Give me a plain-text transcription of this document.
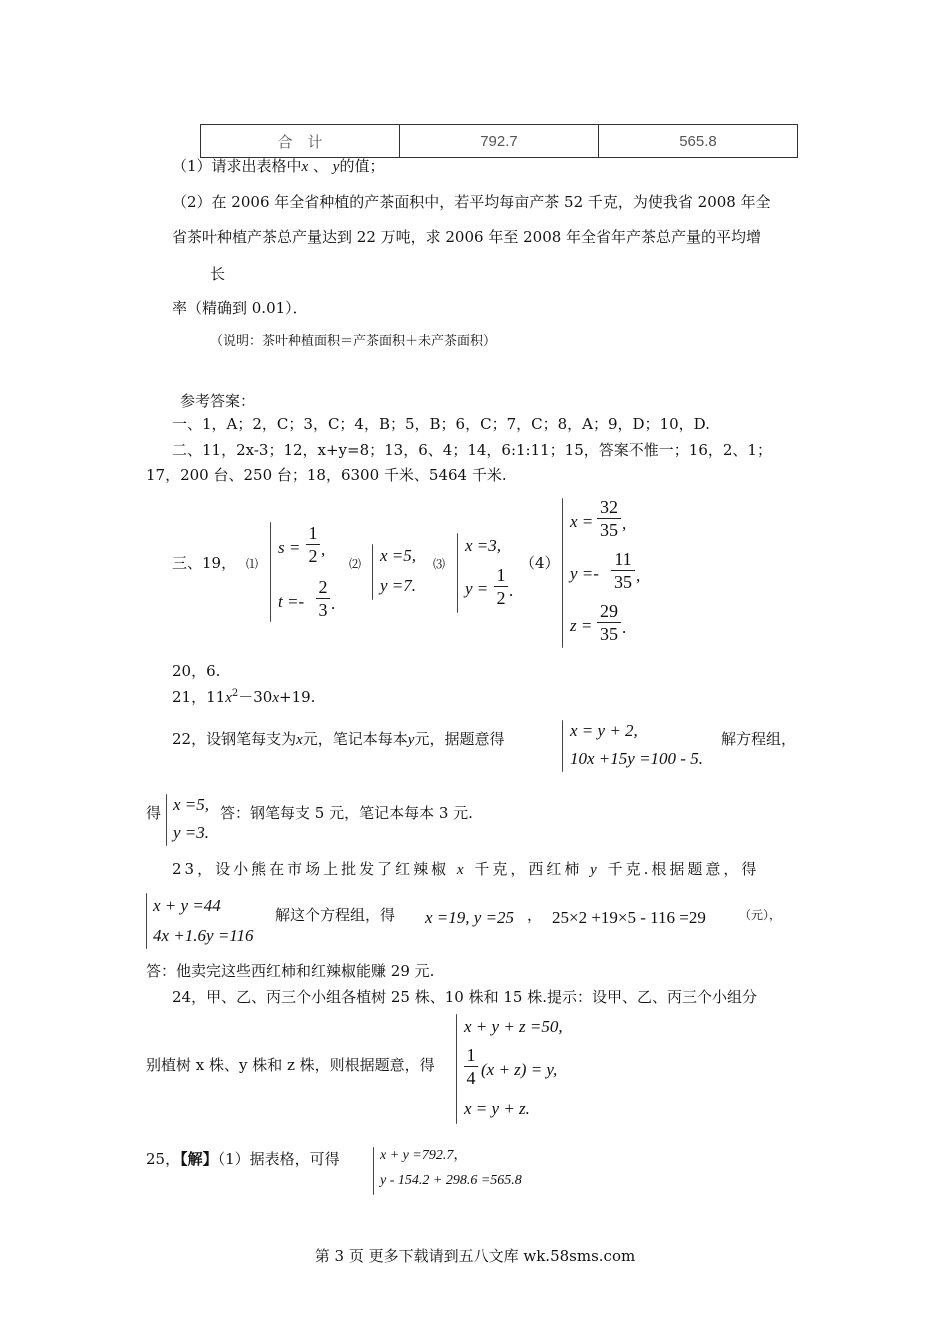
合　计	792.7	565.8
（1）请求出表格中x 、 y的值；
（2）在 2006 年全省种植的产茶面积中，若平均每亩产茶 52 千克，为使我省 2008 年全
省茶叶种植产茶总产量达到 22 万吨，求 2006 年至 2008 年全省年产茶总产量的平均增
长
率（精确到 0.01）．
（说明：茶叶种植面积＝产茶面积＋未产茶面积）
参考答案：
一、1，A；2，C；3，C；4，B；5，B；6，C；7，C；8，A；9，D；10，D.
二、11，2x-3；12，x+y=8；13，6、4；14，6:1:11；15，答案不惟一；16，2、1；
17，200 台、250 台；18，6300 千米、5464 千米.
三、19， ⑴
s =
1
2 ,
t =-
2
3 .
⑵ x =5,
y =7.
⑶
x =3,
y =
1
2 .
（4）
x =
32
35 ,
y =-
11
35 ,
z =
29
35 .
20，6.
21，$11x^2-30x+19$.
22，设钢笔每支为x元，笔记本每本y元，据题意得	x = y + 2,
10x +15y =100 - 5.
解方程组，
得 x =5,
y =3.
答：钢笔每支 5 元，笔记本每本 3 元.
23，设小熊在市场上批发了红辣椒 x 千克，西红柿 y 千克.根据题意，得
x + y =44
4x +1.6y =116
解这个方程组，得 x =19, y =25 ， 25×2 +19×5 - 116 =29	（元），
答：他卖完这些西红柿和红辣椒能赚 29 元.
24，甲、乙、丙三个小组各植树 25 株、10 株和 15 株.提示：设甲、乙、丙三个小组分
别植树 x 株、y 株和 z 株，则根据题意，得
x + y + z =50,
1
4 (x + z) = y,
x = y + z.
25，【解】（1）据表格，可得	x + y =792.7，
y - 154.2 + 298.6 =565.8
第 3 页 更多下载请到五八文库 wk.58sms.com
